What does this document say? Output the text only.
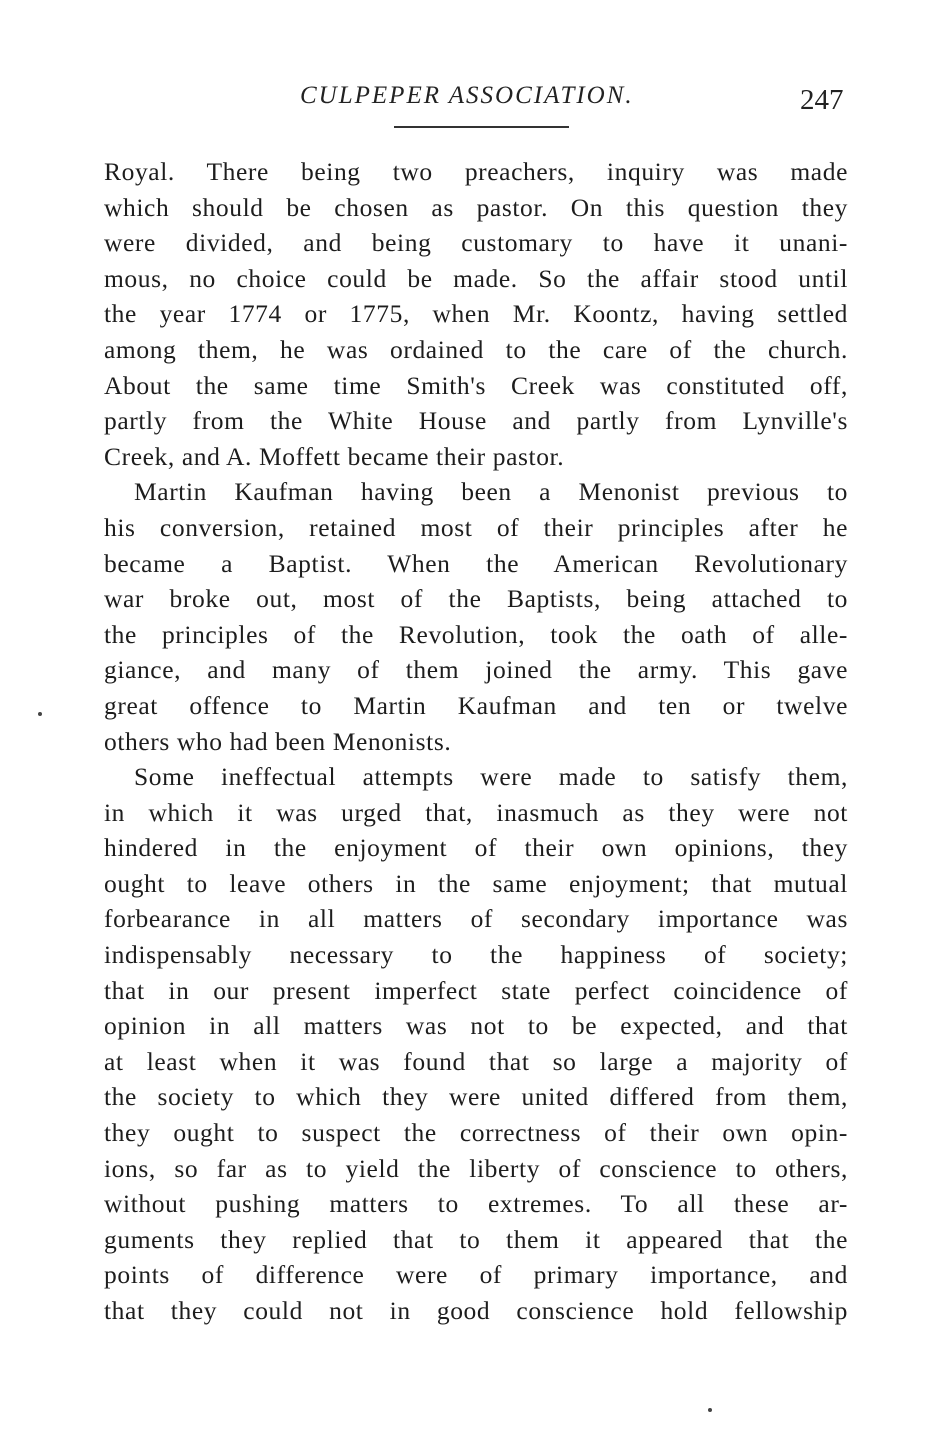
CULPEPER ASSOCIATION.	247
Royal. There being two preachers, inquiry was made
which should be chosen as pastor. On this question they
were divided, and being customary to have it unani-
mous, no choice could be made. So the affair stood until
the year 1774 or 1775, when Mr. Koontz, having settled
among them, he was ordained to the care of the church.
About the same time Smith's Creek was constituted off,
partly from the White House and partly from Lynville's
Creek, and A. Moffett became their pastor.
Martin Kaufman having been a Menonist previous to
his conversion, retained most of their principles after he
became a Baptist. When the American Revolutionary
war broke out, most of the Baptists, being attached to
the principles of the Revolution, took the oath of alle-
giance, and many of them joined the army. This gave
great offence to Martin Kaufman and ten or twelve
others who had been Menonists.
Some ineffectual attempts were made to satisfy them,
in which it was urged that, inasmuch as they were not
hindered in the enjoyment of their own opinions, they
ought to leave others in the same enjoyment; that mutual
forbearance in all matters of secondary importance was
indispensably necessary to the happiness of society;
that in our present imperfect state perfect coincidence of
opinion in all matters was not to be expected, and that
at least when it was found that so large a majority of
the society to which they were united differed from them,
they ought to suspect the correctness of their own opin-
ions, so far as to yield the liberty of conscience to others,
without pushing matters to extremes. To all these ar-
guments they replied that to them it appeared that the
points of difference were of primary importance, and
that they could not in good conscience hold fellowship
